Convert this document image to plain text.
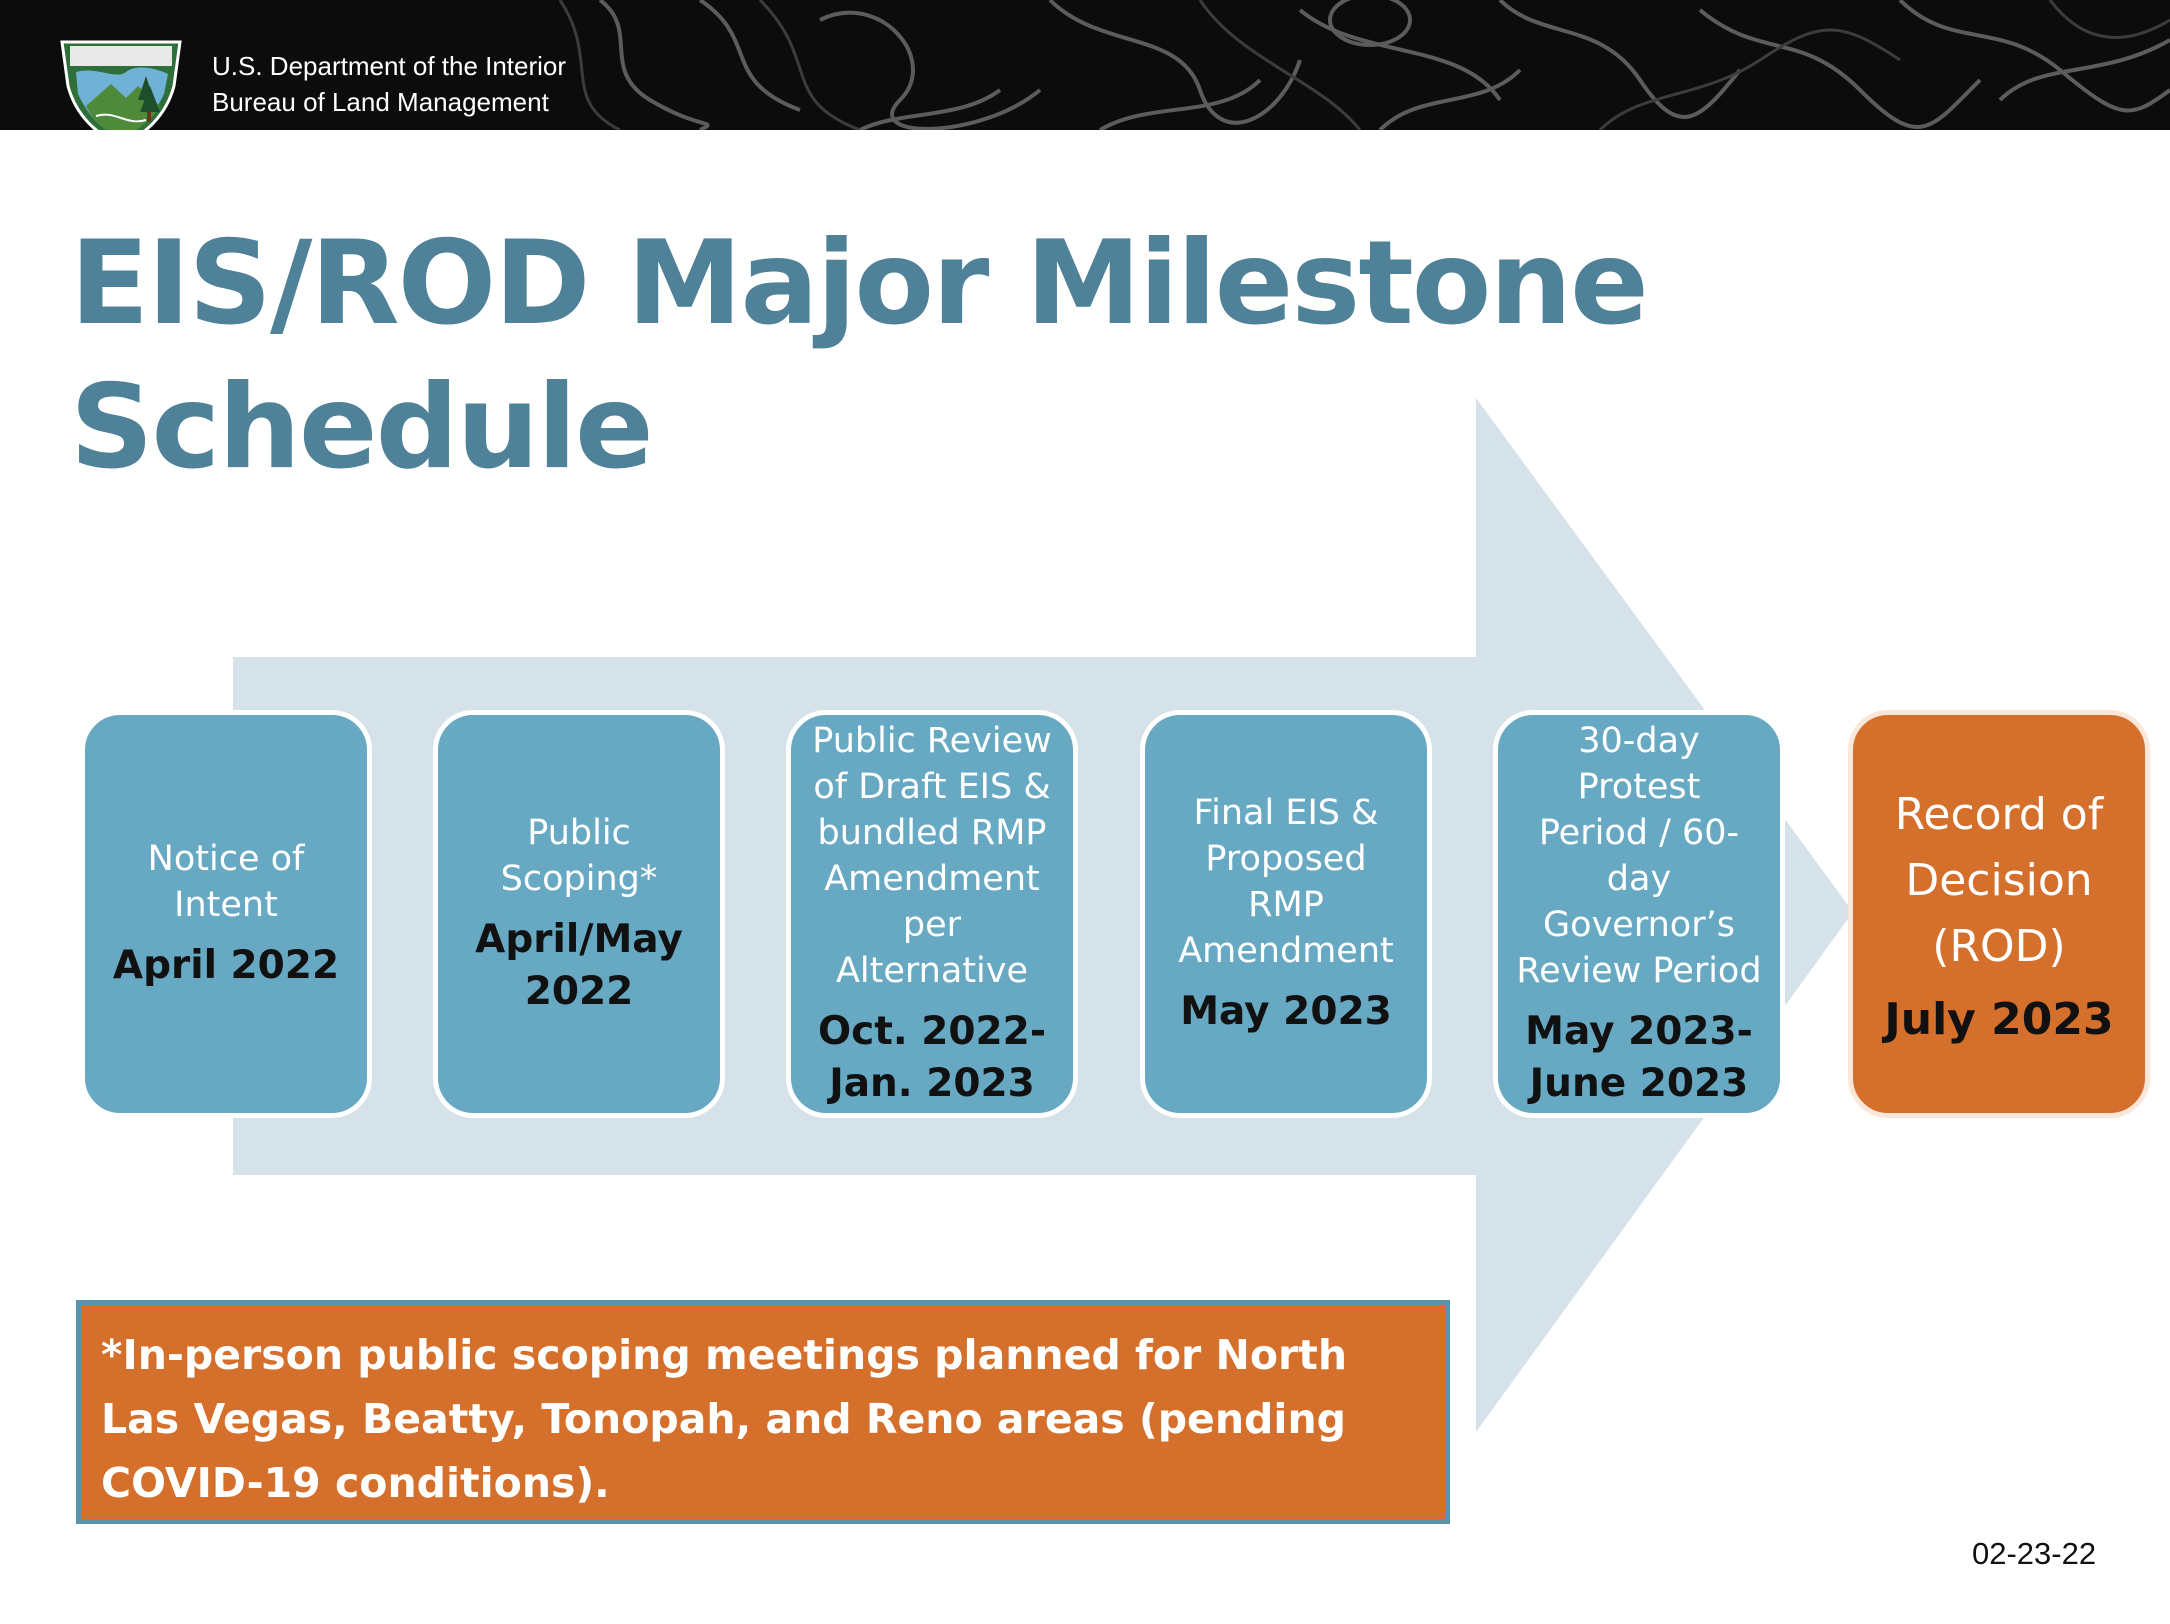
U.S. Department of the Interior
Bureau of Land Management
EIS/ROD Major Milestone
Schedule
Notice of
Intent
April 2022
Public
Scoping*
April/May
2022
Public Review
of Draft EIS &
bundled RMP
Amendment
per
Alternative
Oct. 2022-
Jan. 2023
Final EIS &
Proposed
RMP
Amendment
May 2023
30-day Protest
Period / 60-
day
Governor’s
Review Period
May 2023-
June 2023
Record of
Decision
(ROD)
July 2023
*In-person public scoping meetings planned for North Las Vegas, Beatty, Tonopah, and Reno areas (pending COVID-19 conditions).
02-23-22
